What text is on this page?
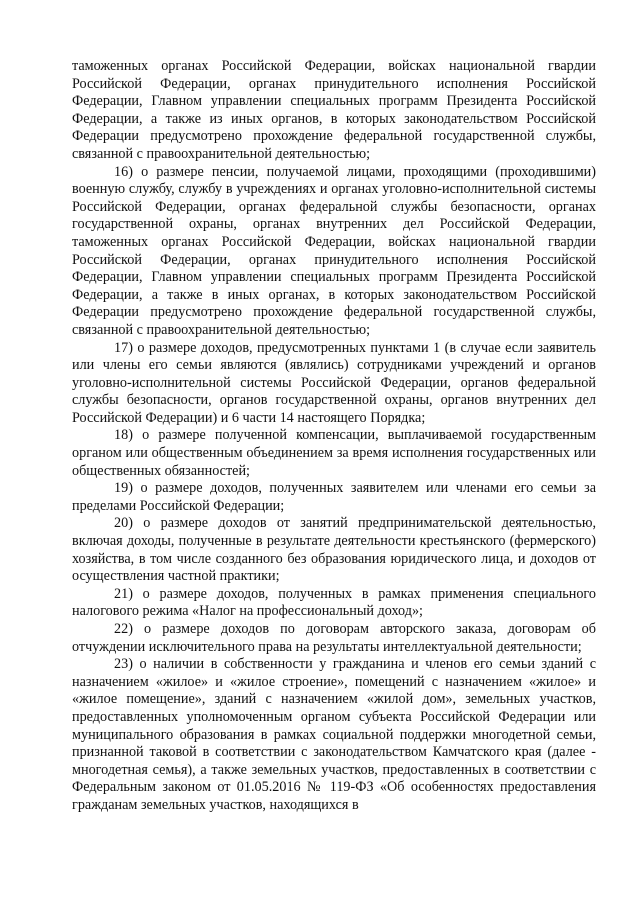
таможенных органах Российской Федерации, войсках национальной гвардии Российской Федерации, органах принудительного исполнения Российской Федерации, Главном управлении специальных программ Президента Российской Федерации, а также из иных органов, в которых законодательством Российской Федерации предусмотрено прохождение федеральной государственной службы, связанной с правоохранительной деятельностью;

16) о размере пенсии, получаемой лицами, проходящими (проходившими) военную службу, службу в учреждениях и органах уголовно-исполнительной системы Российской Федерации, органах федеральной службы безопасности, органах государственной охраны, органах внутренних дел Российской Федерации, таможенных органах Российской Федерации, войсках национальной гвардии Российской Федерации, органах принудительного исполнения Российской Федерации, Главном управлении специальных программ Президента Российской Федерации, а также в иных органах, в которых законодательством Российской Федерации предусмотрено прохождение федеральной государственной службы, связанной с правоохранительной деятельностью;

17) о размере доходов, предусмотренных пунктами 1 (в случае если заявитель или члены его семьи являются (являлись) сотрудниками учреждений и органов уголовно-исполнительной системы Российской Федерации, органов федеральной службы безопасности, органов государственной охраны, органов внутренних дел Российской Федерации) и 6 части 14 настоящего Порядка;

18) о размере полученной компенсации, выплачиваемой государственным органом или общественным объединением за время исполнения государственных или общественных обязанностей;

19) о размере доходов, полученных заявителем или членами его семьи за пределами Российской Федерации;

20) о размере доходов от занятий предпринимательской деятельностью, включая доходы, полученные в результате деятельности крестьянского (фермерского) хозяйства, в том числе созданного без образования юридического лица, и доходов от осуществления частной практики;

21) о размере доходов, полученных в рамках применения специального налогового режима «Налог на профессиональный доход»;

22) о размере доходов по договорам авторского заказа, договорам об отчуждении исключительного права на результаты интеллектуальной деятельности;

23) о наличии в собственности у гражданина и членов его семьи зданий с назначением «жилое» и «жилое строение», помещений с назначением «жилое» и «жилое помещение», зданий с назначением «жилой дом», земельных участков, предоставленных уполномоченным органом субъекта Российской Федерации или муниципального образования в рамках социальной поддержки многодетной семьи, признанной таковой в соответствии с законодательством Камчатского края (далее - многодетная семья), а также земельных участков, предоставленных в соответствии с Федеральным законом от 01.05.2016 № 119-ФЗ «Об особенностях предоставления гражданам земельных участков, находящихся в
